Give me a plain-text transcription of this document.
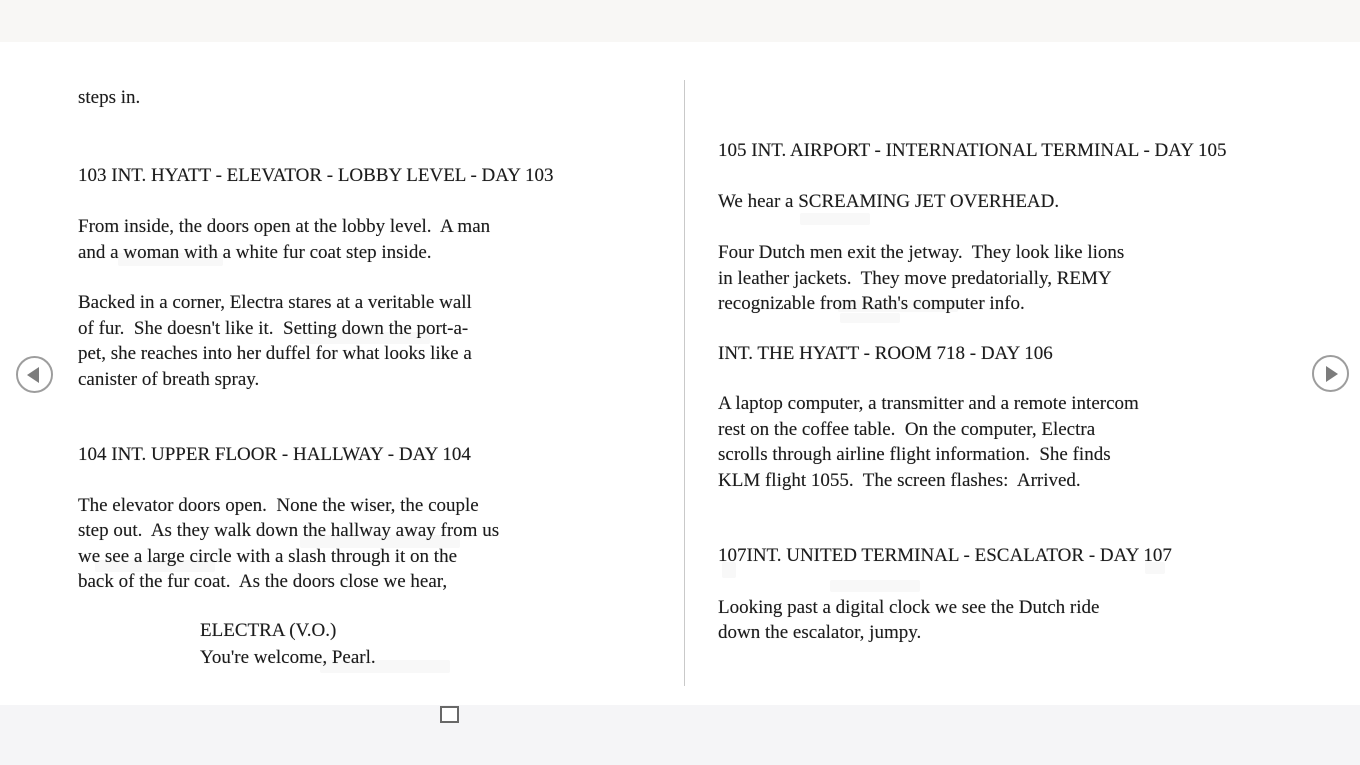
steps in.
103 INT. HYATT - ELEVATOR - LOBBY LEVEL - DAY 103
From inside, the doors open at the lobby level.  A man
and a woman with a white fur coat step inside.
Backed in a corner, Electra stares at a veritable wall
of fur.  She doesn't like it.  Setting down the port-a-
pet, she reaches into her duffel for what looks like a
canister of breath spray.
104 INT. UPPER FLOOR - HALLWAY - DAY 104
The elevator doors open.  None the wiser, the couple
step out.  As they walk down the hallway away from us
we see a large circle with a slash through it on the
back of the fur coat.  As the doors close we hear,
ELECTRA (V.O.)
You're welcome, Pearl.
105 INT. AIRPORT - INTERNATIONAL TERMINAL - DAY 105
We hear a SCREAMING JET OVERHEAD.
Four Dutch men exit the jetway.  They look like lions
in leather jackets.  They move predatorially, REMY
recognizable from Rath's computer info.
INT. THE HYATT - ROOM 718 - DAY 106
A laptop computer, a transmitter and a remote intercom
rest on the coffee table.  On the computer, Electra
scrolls through airline flight information.  She finds
KLM flight 1055.  The screen flashes:  Arrived.
107INT. UNITED TERMINAL - ESCALATOR - DAY 107
Looking past a digital clock we see the Dutch ride
down the escalator, jumpy.
